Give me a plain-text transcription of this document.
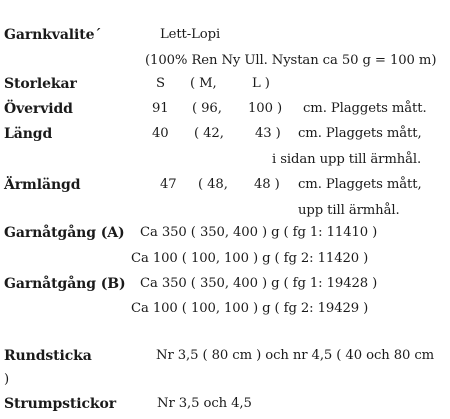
Garnkvalite´	Lett-Lopi
(100% Ren Ny Ull. Nystan ca 50 g = 100 m)
Storlekar	S ( M,	L )
Övervidd	91 ( 96, 100 ) cm. Plaggets mått.
Längd	40 ( 42, 43 ) cm. Plaggets mått,
i sidan upp till ärmhål.
Ärmlängd	47 ( 48, 48 ) cm. Plaggets mått,
upp till ärmhål.
Garnåtgång (A) Ca 350 ( 350, 400 ) g ( fg 1: 11410 )
Ca 100 ( 100, 100 ) g ( fg 2: 11420 )
Garnåtgång (B) Ca 350 ( 350, 400 ) g ( fg 1: 19428 )
Ca 100 ( 100, 100 ) g ( fg 2: 19429 )
Rundsticka	Nr 3,5 ( 80 cm ) och nr 4,5 ( 40 och 80 cm
)
Strumpstickor	Nr 3,5 och 4,5
